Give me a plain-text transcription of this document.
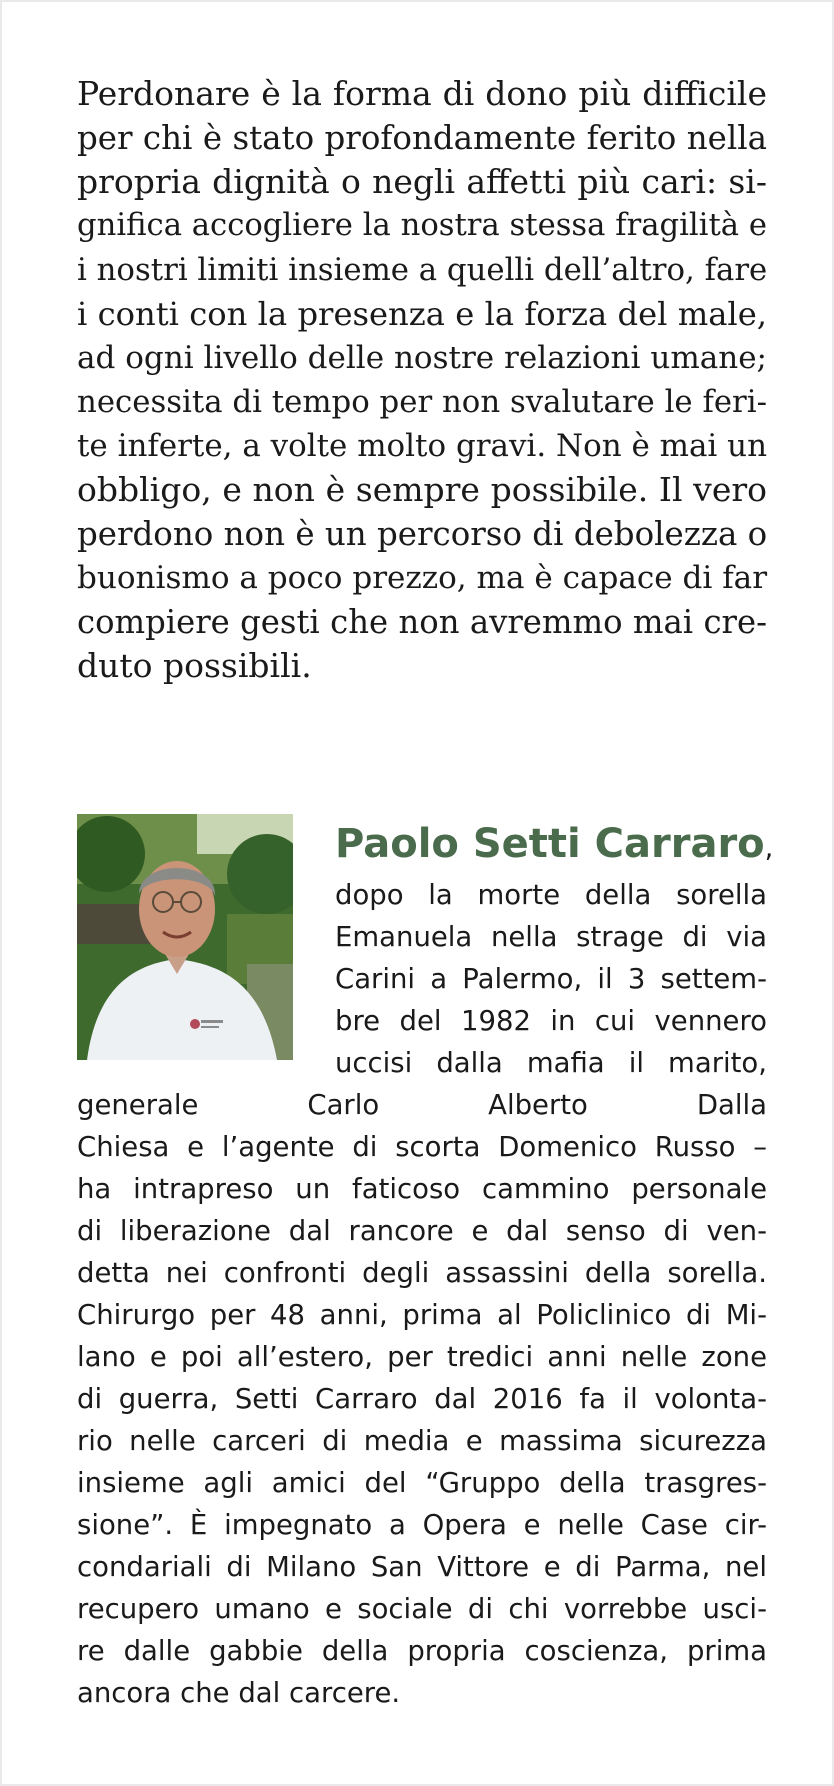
Perdonare è la forma di dono più difficile
per chi è stato profondamente ferito nella
propria dignità o negli affetti più cari: si-
gnifica accogliere la nostra stessa fragilità e
i nostri limiti insieme a quelli dell’altro, fare
i conti con la presenza e la forza del male,
ad ogni livello delle nostre relazioni umane;
necessita di tempo per non svalutare le feri-
te inferte, a volte molto gravi. Non è mai un
obbligo, e non è sempre possibile. Il vero
perdono non è un percorso di debolezza o
buonismo a poco prezzo, ma è capace di far
compiere gesti che non avremmo mai cre-
duto possibili.

Paolo Setti Carraro,
dopo la morte della sorella
Emanuela nella strage di via
Carini a Palermo, il 3 settem-
bre del 1982 in cui vennero
uccisi dalla mafia il marito,
generale Carlo Alberto Dalla
Chiesa e l’agente di scorta Domenico Russo –
ha intrapreso un faticoso cammino personale
di liberazione dal rancore e dal senso di ven-
detta nei confronti degli assassini della sorella.
Chirurgo per 48 anni, prima al Policlinico di Mi-
lano e poi all’estero, per tredici anni nelle zone
di guerra, Setti Carraro dal 2016 fa il volonta-
rio nelle carceri di media e massima sicurezza
insieme agli amici del “Gruppo della trasgres-
sione”. È impegnato a Opera e nelle Case cir-
condariali di Milano San Vittore e di Parma, nel
recupero umano e sociale di chi vorrebbe usci-
re dalle gabbie della propria coscienza, prima
ancora che dal carcere.
